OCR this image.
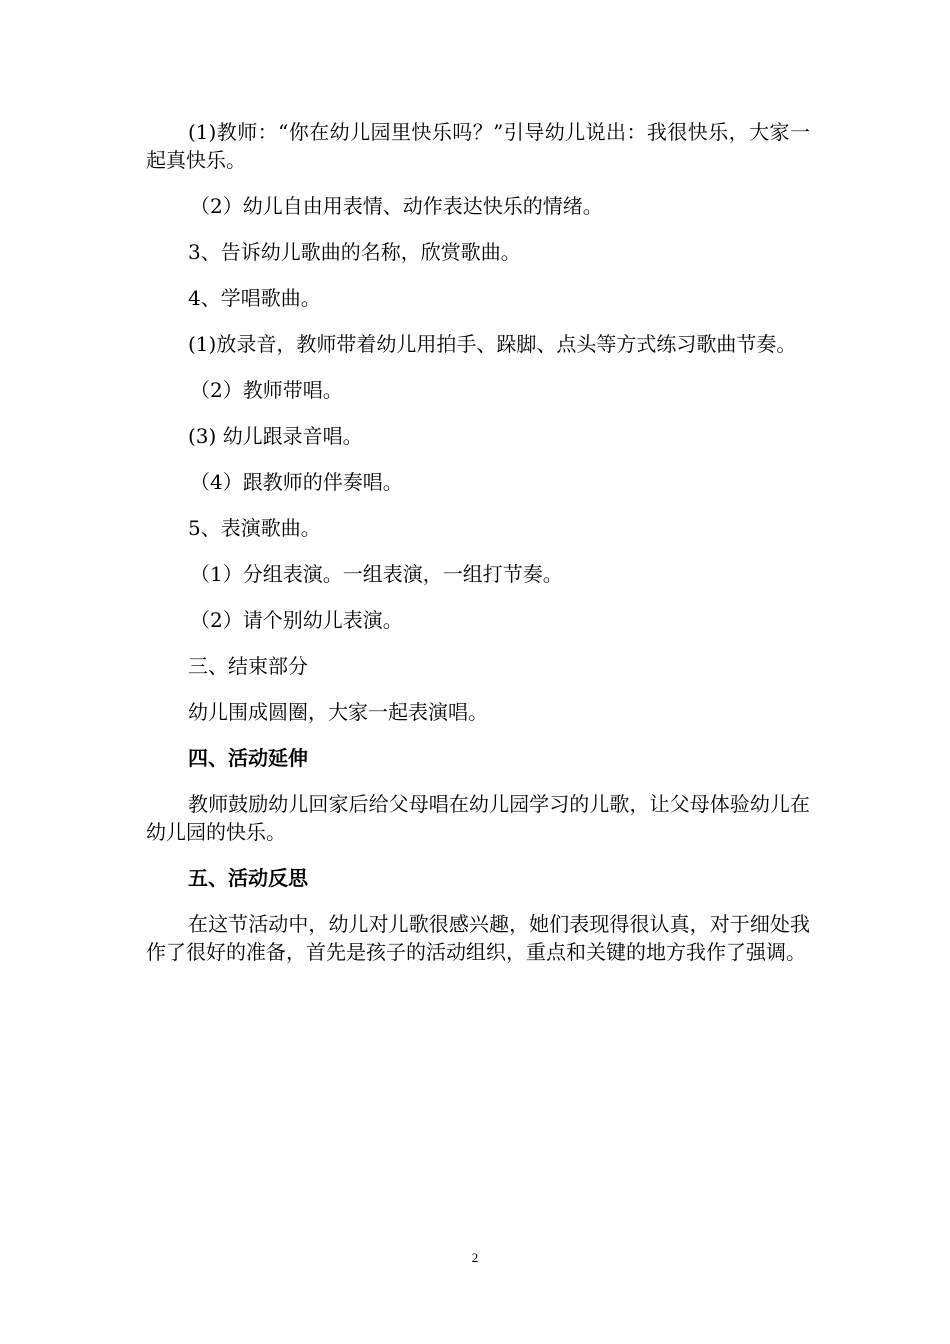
(1)教师：“你在幼儿园里快乐吗？”引导幼儿说出：我很快乐，大家一起真快乐。

（2）幼儿自由用表情、动作表达快乐的情绪。

3、告诉幼儿歌曲的名称，欣赏歌曲。

4、学唱歌曲。

(1)放录音，教师带着幼儿用拍手、跺脚、点头等方式练习歌曲节奏。

（2）教师带唱。

(3) 幼儿跟录音唱。

（4）跟教师的伴奏唱。

5、表演歌曲。

（1）分组表演。一组表演，一组打节奏。

（2）请个别幼儿表演。

三、结束部分

幼儿围成圆圈，大家一起表演唱。

四、活动延伸

教师鼓励幼儿回家后给父母唱在幼儿园学习的儿歌，让父母体验幼儿在幼儿园的快乐。

五、活动反思

在这节活动中，幼儿对儿歌很感兴趣，她们表现得很认真，对于细处我作了很好的准备，首先是孩子的活动组织，重点和关键的地方我作了强调。

2
